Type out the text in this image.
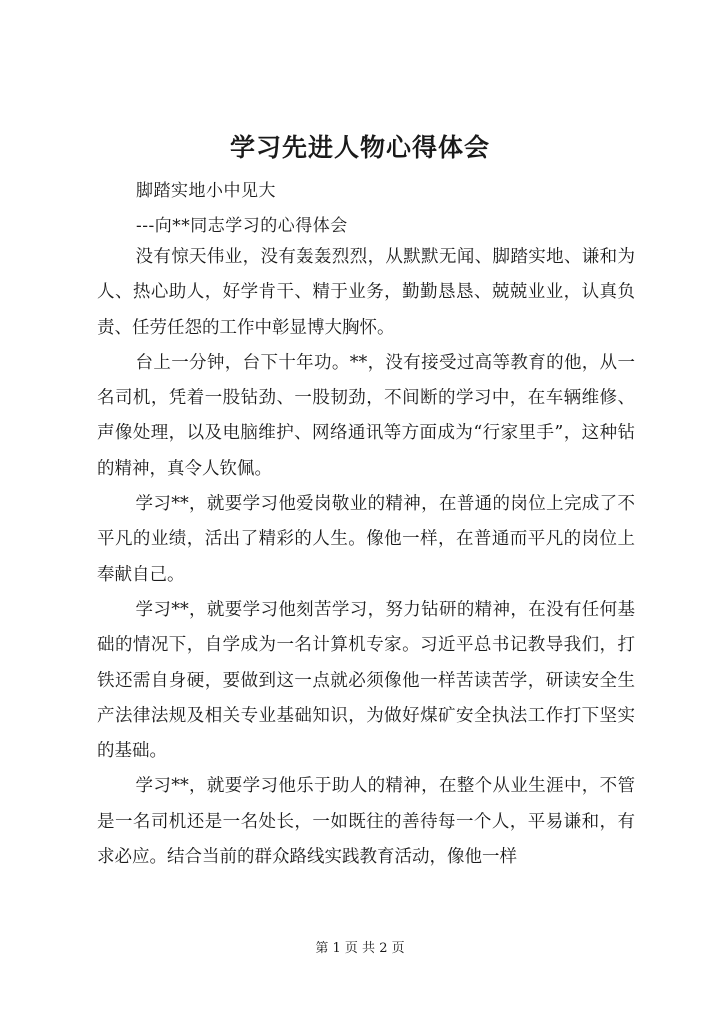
学习先进人物心得体会
脚踏实地小中见大
---向**同志学习的心得体会

没有惊天伟业，没有轰轰烈烈，从默默无闻、脚踏实地、谦和为人、热心助人，好学肯干、精于业务，勤勤恳恳、兢兢业业，认真负责、任劳任怨的工作中彰显博大胸怀。

台上一分钟，台下十年功。**，没有接受过高等教育的他，从一名司机，凭着一股钻劲、一股韧劲，不间断的学习中，在车辆维修、声像处理，以及电脑维护、网络通讯等方面成为“行家里手”，这种钻的精神，真令人钦佩。

学习**，就要学习他爱岗敬业的精神，在普通的岗位上完成了不平凡的业绩，活出了精彩的人生。像他一样，在普通而平凡的岗位上奉献自己。

学习**，就要学习他刻苦学习，努力钻研的精神，在没有任何基础的情况下，自学成为一名计算机专家。习近平总书记教导我们，打铁还需自身硬，要做到这一点就必须像他一样苦读苦学，研读安全生产法律法规及相关专业基础知识，为做好煤矿安全执法工作打下坚实的基础。

学习**，就要学习他乐于助人的精神，在整个从业生涯中，不管是一名司机还是一名处长，一如既往的善待每一个人，平易谦和，有求必应。结合当前的群众路线实践教育活动，像他一样

第 1 页 共 2 页
